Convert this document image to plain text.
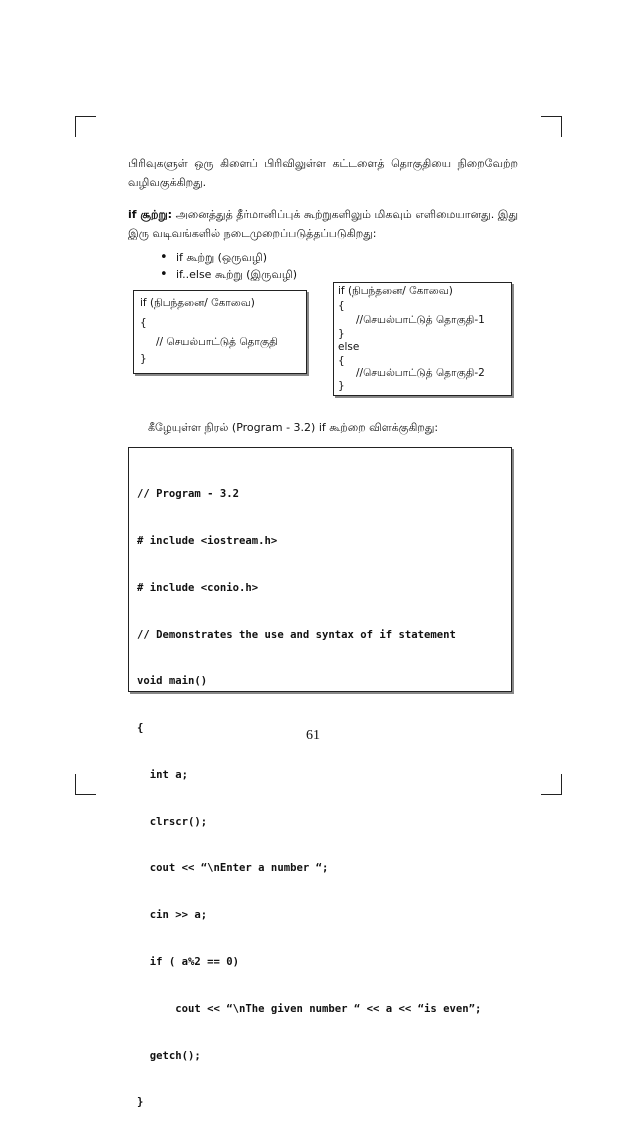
பிரிவுகளுள் ஒரு கிளைப் பிரிவிலுள்ள கட்டளைத் தொகுதியை நிறைவேற்ற வழிவகுக்கிறது.

if சூற்று: அனைத்துத் தீர்மானிப்புக் கூற்றுகளிலும் மிகவும் எளிமையானது. இது இரு வடிவங்களில் நடைமுறைப்படுத்தப்படுகிறது:

• if கூற்று (ஒருவழி)
• if..else கூற்று (இருவழி)
if (நிபந்தனை/ கோவை)
{
// செயல்பாட்டுத் தொகுதி
}
if (நிபந்தனை/ கோவை)
{
//செயல்பாட்டுத் தொகுதி-1
}
else
{
//செயல்பாட்டுத் தொகுதி-2
}
கீழேயுள்ள நிரல் (Program - 3.2) if கூற்றை விளக்குகிறது:

// Program - 3.2

# include <iostream.h>

# include <conio.h>

// Demonstrates the use and syntax of if statement

void main()

{

int a;

clrscr();

cout << “\nEnter a number “;

cin >> a;

if ( a%2 == 0)

cout << “\nThe given number “ << a << “is even”;

getch();

}

61
